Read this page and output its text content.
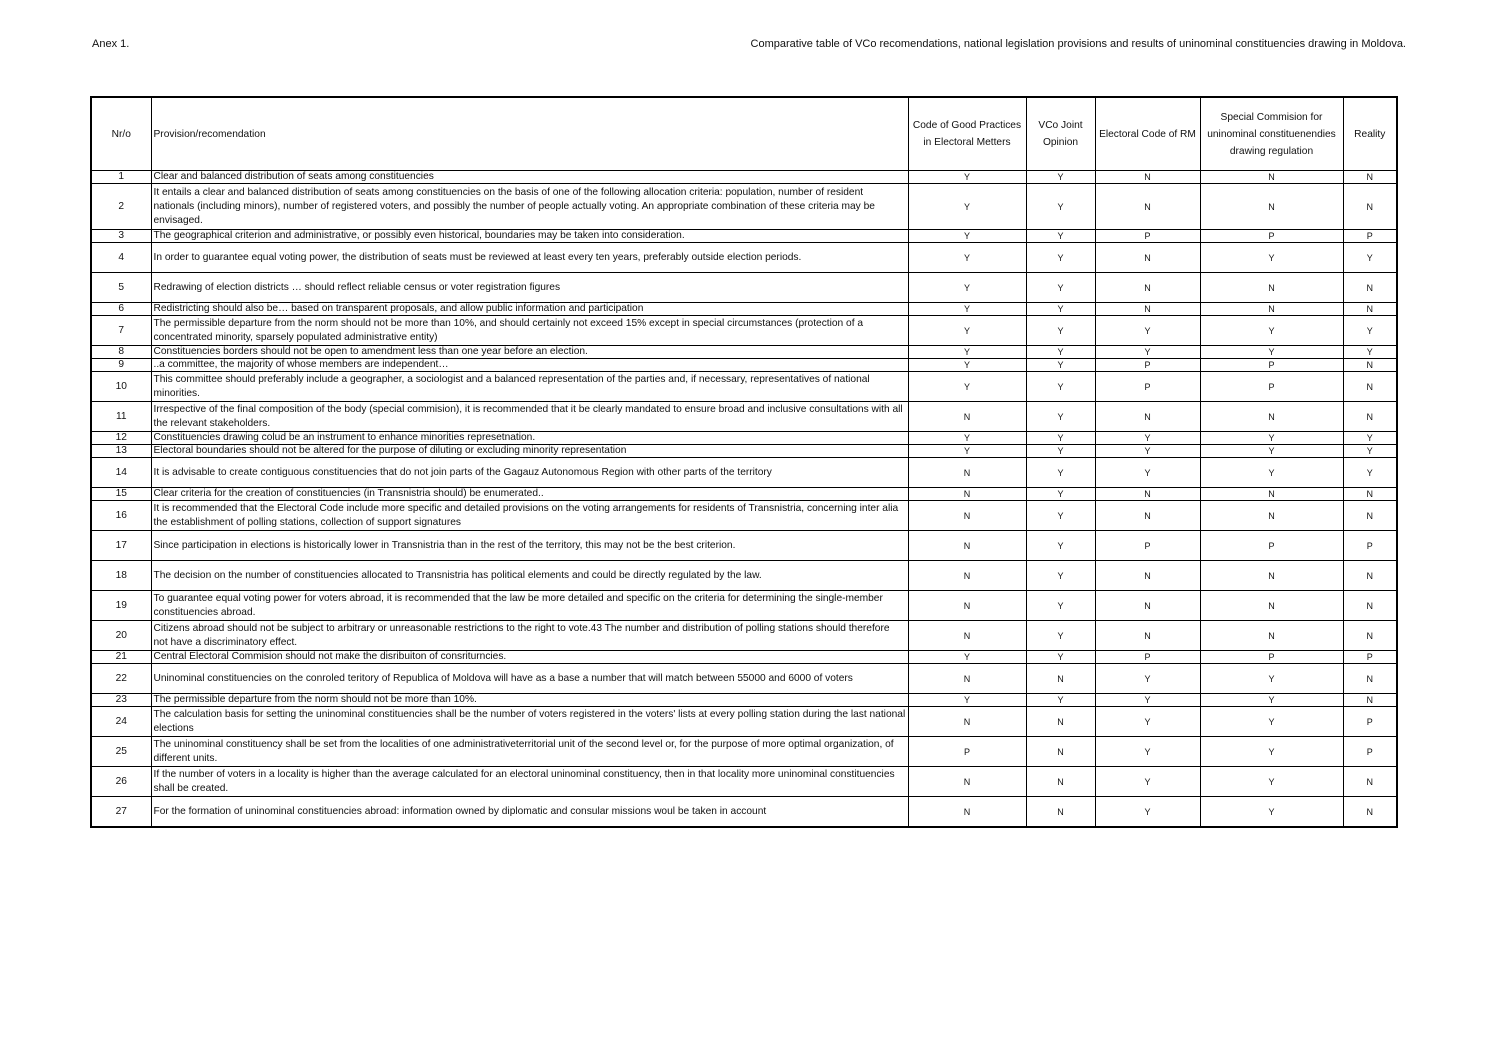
Anex 1.	Comparative table of VCo recomendations, national legislation provisions and results of uninominal constituencies drawing in Moldova.
Nr/o	Provision/recomendation	Code of Good Practices in Electoral Metters	VCo Joint Opinion	Electoral Code of RM	Special Commision for uninominal constituenendies drawing regulation	Reality
1	Clear and balanced distribution of seats among constituencies	Y	Y	N	N	N
2	It entails a clear and balanced distribution of seats among constituencies on the basis of one of the following allocation criteria: population, number of resident nationals (including minors), number of registered voters, and possibly the number of people actually voting. An appropriate combination of these criteria may be envisaged.	Y	Y	N	N	N
3	The geographical criterion and administrative, or possibly even historical, boundaries may be taken into consideration.	Y	Y	P	P	P
4	In order to guarantee equal voting power, the distribution of seats must be reviewed at least every ten years, preferably outside election periods.	Y	Y	N	Y	Y
5	Redrawing of election districts … should reflect reliable census or voter registration figures	Y	Y	N	N	N
6	Redistricting should also be… based on transparent proposals, and allow public information and participation	Y	Y	N	N	N
7	The permissible departure from the norm should not be more than 10%, and should certainly not exceed 15% except in special circumstances (protection of a concentrated minority, sparsely populated administrative entity)	Y	Y	Y	Y	Y
8	Constituencies borders should not be open to amendment less than one year before an election.	Y	Y	Y	Y	Y
9	..a committee, the majority of whose members are independent…	Y	Y	P	P	N
10	This committee should preferably include a geographer, a sociologist and a balanced representation of the parties and, if necessary, representatives of national minorities.	Y	Y	P	P	N
11	Irrespective of the final composition of the body (special commision), it is recommended that it be clearly mandated to ensure broad and inclusive consultations with all the relevant stakeholders.	N	Y	N	N	N
12	Constituencies drawing colud be an instrument to enhance minorities represetnation.	Y	Y	Y	Y	Y
13	Electoral boundaries should not be altered for the purpose of diluting or excluding minority representation	Y	Y	Y	Y	Y
14	It is advisable to create contiguous constituencies that do not join parts of the Gagauz Autonomous Region with other parts of the territory	N	Y	Y	Y	Y
15	Clear criteria for the creation of constituencies (in Transnistria should) be enumerated..	N	Y	N	N	N
16	It is recommended that the Electoral Code include more specific and detailed provisions on the voting arrangements for residents of Transnistria, concerning inter alia the establishment of polling stations, collection of support signatures	N	Y	N	N	N
17	Since participation in elections is historically lower in Transnistria than in the rest of the territory, this may not be the best criterion.	N	Y	P	P	P
18	The decision on the number of constituencies allocated to Transnistria has political elements and could be directly regulated by the law.	N	Y	N	N	N
19	To guarantee equal voting power for voters abroad, it is recommended that the law be more detailed and specific on the criteria for determining the single-member constituencies abroad.	N	Y	N	N	N
20	Citizens abroad should not be subject to arbitrary or unreasonable restrictions to the right to vote.43 The number and distribution of polling stations should therefore not have a discriminatory effect.	N	Y	N	N	N
21	Central Electoral Commision should not make the disribuiton of consriturncies.	Y	Y	P	P	P
22	Uninominal constituencies on the conroled teritory of Republica of Moldova will have as a base a number that will match between 55000 and 6000 of voters	N	N	Y	Y	N
23	The permissible departure from the norm should not be more than 10%.	Y	Y	Y	Y	N
24	The calculation basis for setting the uninominal constituencies shall be the number of voters registered in the voters' lists at every polling station during the last national elections	N	N	Y	Y	P
25	The uninominal constituency shall be set from the localities of one administrativeterritorial unit of the second level or, for the purpose of more optimal organization, of different units.	P	N	Y	Y	P
26	If the number of voters in a locality is higher than the average calculated for an electoral uninominal constituency, then in that locality more uninominal constituencies shall be created.	N	N	Y	Y	N
27	For the formation of uninominal constituencies abroad: information owned by diplomatic and consular missions woul be taken in account	N	N	Y	Y	N
